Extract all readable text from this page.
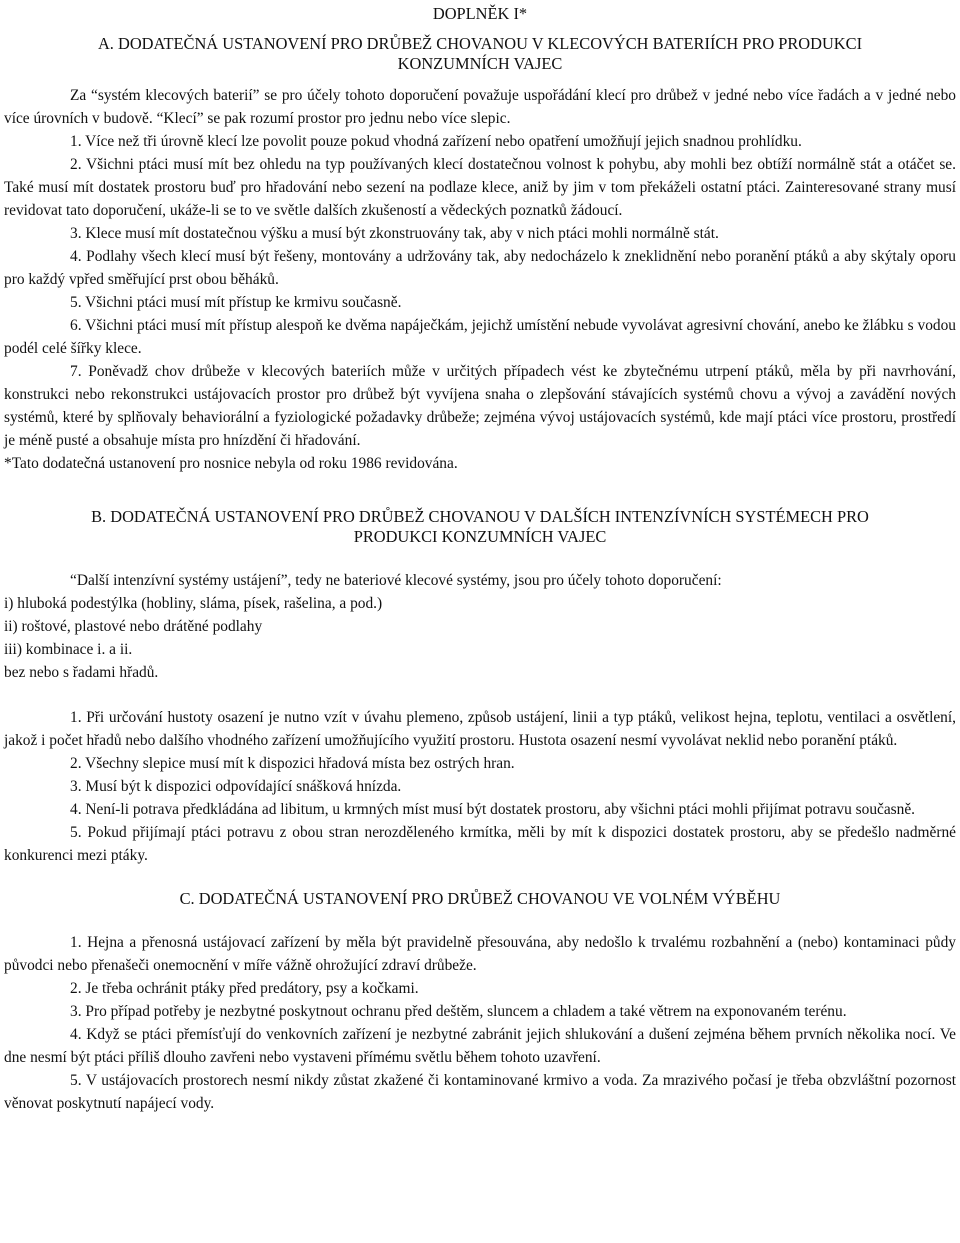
DOPLNĚK I*
A. DODATEČNÁ USTANOVENÍ PRO DRŮBEŽ CHOVANOU V KLECOVÝCH BATERIÍCH PRO PRODUKCI
KONZUMNÍCH VAJEC

Za “systém klecových baterií” se pro účely tohoto doporučení považuje uspořádání klecí pro drůbež v jedné nebo více řadách a v jedné nebo více úrovních v budově. “Klecí” se pak rozumí prostor pro jednu nebo více slepic.

1. Více než tři úrovně klecí lze povolit pouze pokud vhodná zařízení nebo opatření umožňují jejich snadnou prohlídku.

2. Všichni ptáci musí mít bez ohledu na typ používaných klecí dostatečnou volnost k pohybu, aby mohli bez obtíží normálně stát a otáčet se. Také musí mít dostatek prostoru buď pro hřadování nebo sezení na podlaze klece, aniž by jim v tom překáželi ostatní ptáci. Zainteresované strany musí revidovat tato doporučení, ukáže-li se to ve světle dalších zkušeností a vědeckých poznatků žádoucí.

3. Klece musí mít dostatečnou výšku a musí být zkonstruovány tak, aby v nich ptáci mohli normálně stát.

4. Podlahy všech klecí musí být řešeny, montovány a udržovány tak, aby nedocházelo k zneklidnění nebo poranění ptáků a aby skýtaly oporu pro každý vpřed směřující prst obou běháků.

5. Všichni ptáci musí mít přístup ke krmivu současně.

6. Všichni ptáci musí mít přístup alespoň ke dvěma napáječkám, jejichž umístění nebude vyvolávat agresivní chování, anebo ke žlábku s vodou podél celé šířky klece.

7. Poněvadž chov drůbeže v klecových bateriích může v určitých případech vést ke zbytečnému utrpení ptáků, měla by při navrhování, konstrukci nebo rekonstrukci ustájovacích prostor pro drůbež být vyvíjena snaha o zlepšování stávajících systémů chovu a vývoj a zavádění nových systémů, které by splňovaly behaviorální a fyziologické požadavky drůbeže; zejména vývoj ustájovacích systémů, kde mají ptáci více prostoru, prostředí je méně pusté a obsahuje místa pro hnízdění či hřadování.

*Tato dodatečná ustanovení pro nosnice nebyla od roku 1986 revidována.

B. DODATEČNÁ USTANOVENÍ PRO DRŮBEŽ CHOVANOU V DALŠÍCH INTENZÍVNÍCH SYSTÉMECH PRO
PRODUKCI KONZUMNÍCH VAJEC

“Další intenzívní systémy ustájení”, tedy ne bateriové klecové systémy, jsou pro účely tohoto doporučení:

i) hluboká podestýlka (hobliny, sláma, písek, rašelina, a pod.)

ii) roštové, plastové nebo drátěné podlahy

iii) kombinace i. a ii.

bez nebo s řadami hřadů.

1. Při určování hustoty osazení je nutno vzít v úvahu plemeno, způsob ustájení, linii a typ ptáků, velikost hejna, teplotu, ventilaci a osvětlení, jakož i počet hřadů nebo dalšího vhodného zařízení umožňujícího využití prostoru. Hustota osazení nesmí vyvolávat neklid nebo poranění ptáků.

2. Všechny slepice musí mít k dispozici hřadová místa bez ostrých hran.

3. Musí být k dispozici odpovídající snášková hnízda.

4. Není-li potrava předkládána ad libitum, u krmných míst musí být dostatek prostoru, aby všichni ptáci mohli přijímat potravu současně.

5. Pokud přijímají ptáci potravu z obou stran nerozděleného krmítka, měli by mít k dispozici dostatek prostoru, aby se předešlo nadměrné konkurenci mezi ptáky.

C. DODATEČNÁ USTANOVENÍ PRO DRŮBEŽ CHOVANOU VE VOLNÉM VÝBĚHU

1. Hejna a přenosná ustájovací zařízení by měla být pravidelně přesouvána, aby nedošlo k trvalému rozbahnění a (nebo) kontaminaci půdy původci nebo přenašeči onemocnění v míře vážně ohrožující zdraví drůbeže.

2. Je třeba ochránit ptáky před predátory, psy a kočkami.

3. Pro případ potřeby je nezbytné poskytnout ochranu před deštěm, sluncem a chladem a také větrem na exponovaném terénu.

4. Když se ptáci přemísťují do venkovních zařízení je nezbytné zabránit jejich shlukování a dušení zejména během prvních několika nocí. Ve dne nesmí být ptáci příliš dlouho zavřeni nebo vystaveni přímému světlu během tohoto uzavření.

5. V ustájovacích prostorech nesmí nikdy zůstat zkažené či kontaminované krmivo a voda. Za mrazivého počasí je třeba obzvláštní pozornost věnovat poskytnutí napájecí vody.
